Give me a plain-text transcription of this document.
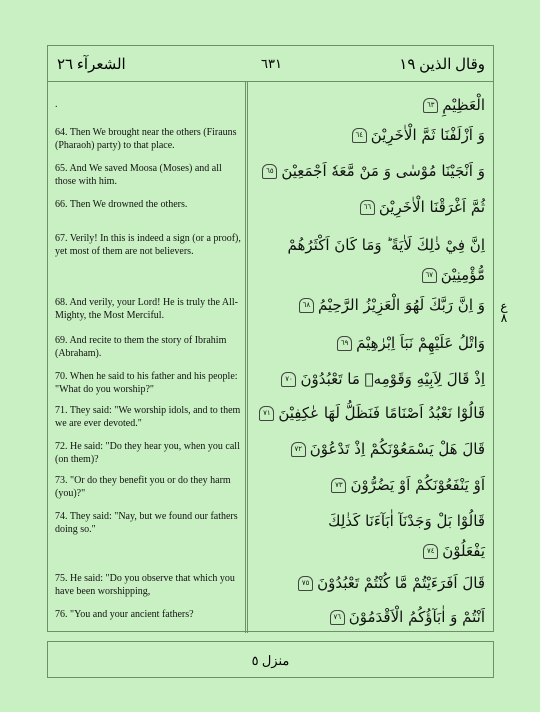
الشعرآء ٢٦	٦٣١	وقال الذين ١٩
.
64. Then We brought near the others (Firauns (Pharaoh) party) to that place.
65. And We saved Moosa (Moses) and all those with him.
66. Then We drowned the others.
67. Verily! In this is indeed a sign (or a proof), yet most of them are not believers.
68. And verily, your Lord! He is truly the All-Mighty, the Most Merciful.
69. And recite to them the story of Ibrahim (Abraham).
70. When he said to his father and his people: "What do you worship?"
71. They said: "We worship idols, and to them we are ever devoted."
72. He said: "Do they hear you, when you call (on them)?
73. "Or do they benefit you or do they harm (you)?"
74. They said: "Nay, but we found our fathers doing so."
75. He said: "Do you observe that which you have been worshipping,
76. "You and your ancient fathers?
الْعَظِيْمِ٦٣
وَ اَزْلَفْنَا ثَمَّ الْاٰخَرِيْنَ٦٤
وَ اَنْجَيْنَا مُوْسٰى وَ مَنْ مَّعَهٗ اَجْمَعِيْنَ٦٥
ثُمَّ اَغْرَقْنَا الْاٰخَرِيْنَ٦٦
اِنَّ فِيْ ذٰلِكَ لَاٰيَةً ؕ وَمَا كَانَ اَكْثَرُهُمْ
مُّؤْمِنِيْنَ٦٧
وَ اِنَّ رَبَّكَ لَهُوَ الْعَزِيْزُ الرَّحِيْمُ٦٨
وَاتْلُ عَلَيْهِمْ نَبَاَ اِبْرٰهِيْمَ٦٩
اِذْ قَالَ لِاَبِيْهِ وَقَوْمِهٖ مَا تَعْبُدُوْنَ٧٠
قَالُوْا نَعْبُدُ اَصْنَامًا فَنَظَلُّ لَهَا عٰكِفِيْنَ٧١
قَالَ هَلْ يَسْمَعُوْنَكُمْ اِذْ تَدْعُوْنَ٧٢
اَوْ يَنْفَعُوْنَكُمْ اَوْ يَضُرُّوْنَ٧٣
قَالُوْا بَلْ وَجَدْنَآ اٰبَآءَنَا كَذٰلِكَ
يَفْعَلُوْنَ٧٤
قَالَ اَفَرَءَيْتُمْ مَّا كُنْتُمْ تَعْبُدُوْنَ٧٥
اَنْتُمْ وَ اٰبَآؤُكُمُ الْاَقْدَمُوْنَ٧٦
ع ٨
$_{منزل ٥}$
